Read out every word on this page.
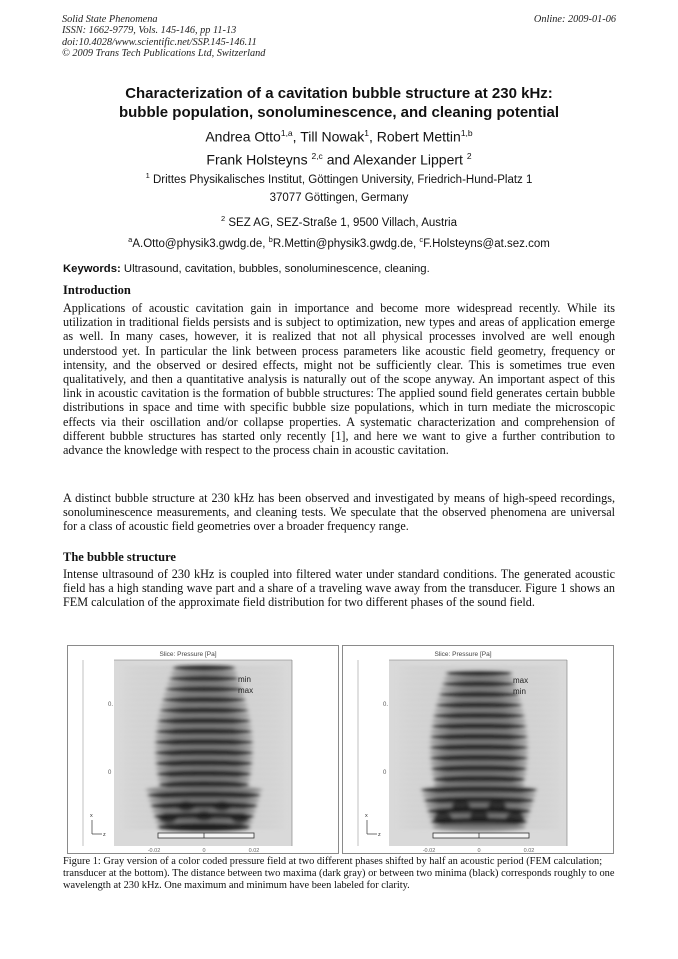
Solid State Phenomena
ISSN: 1662-9779, Vols. 145-146, pp 11-13
doi:10.4028/www.scientific.net/SSP.145-146.11
© 2009 Trans Tech Publications Ltd, Switzerland
Online: 2009-01-06
Characterization of a cavitation bubble structure at 230 kHz:
bubble population, sonoluminescence, and cleaning potential
Andrea Otto$^{1,a}$, Till Nowak$^1$, Robert Mettin$^{1,b}$
Frank Holsteyns $^{2,c}$ and Alexander Lippert $^2$
$^1$ Drittes Physikalisches Institut, Göttingen University, Friedrich-Hund-Platz 1
37077 Göttingen, Germany
$^2$ SEZ AG, SEZ-Straße 1, 9500 Villach, Austria
$^a$A.Otto@physik3.gwdg.de, $^b$R.Mettin@physik3.gwdg.de, $^c$F.Holsteyns@at.sez.com
Keywords: Ultrasound, cavitation, bubbles, sonoluminescence, cleaning.
Introduction
Applications of acoustic cavitation gain in importance and become more widespread recently. While its utilization in traditional fields persists and is subject to optimization, new types and areas of application emerge as well. In many cases, however, it is realized that not all physical processes involved are well enough understood yet. In particular the link between process parameters like acoustic field geometry, frequency or intensity, and the observed or desired effects, might not be sufficiently clear. This is sometimes true even qualitatively, and then a quantitative analysis is naturally out of the scope anyway. An important aspect of this link in acoustic cavitation is the formation of bubble structures: The applied sound field generates certain bubble distributions in space and time with specific bubble size populations, which in turn mediate the microscopic effects via their oscillation and/or collapse properties. A systematic characterization and comprehension of different bubble structures has started only recently [1], and here we want to give a further contribution to advance the knowledge with respect to the process chain in acoustic cavitation.
A distinct bubble structure at 230 kHz has been observed and investigated by means of high-speed recordings, sonoluminescence measurements, and cleaning tests. We speculate that the observed phenomena are universal for a class of acoustic field geometries over a broader frequency range.
The bubble structure
Intense ultrasound of 230 kHz is coupled into filtered water under standard conditions. The generated acoustic field has a high standing wave part and a share of a traveling wave away from the transducer. Figure 1 shows an FEM calculation of the approximate field distribution for two different phases of the sound field.
Slice: Pressure [Pa]
min
max
0.
0
x
z
-0.02	0	0.02
Slice: Pressure [Pa]
max
min
0.
0
x
z
-0.02	0	0.02
Figure 1: Gray version of a color coded pressure field at two different phases shifted by half an acoustic period (FEM calculation; transducer at the bottom). The distance between two maxima (dark gray) or between two minima (black) corresponds roughly to one wavelength at 230 kHz. One maximum and minimum have been labeled for clarity.
